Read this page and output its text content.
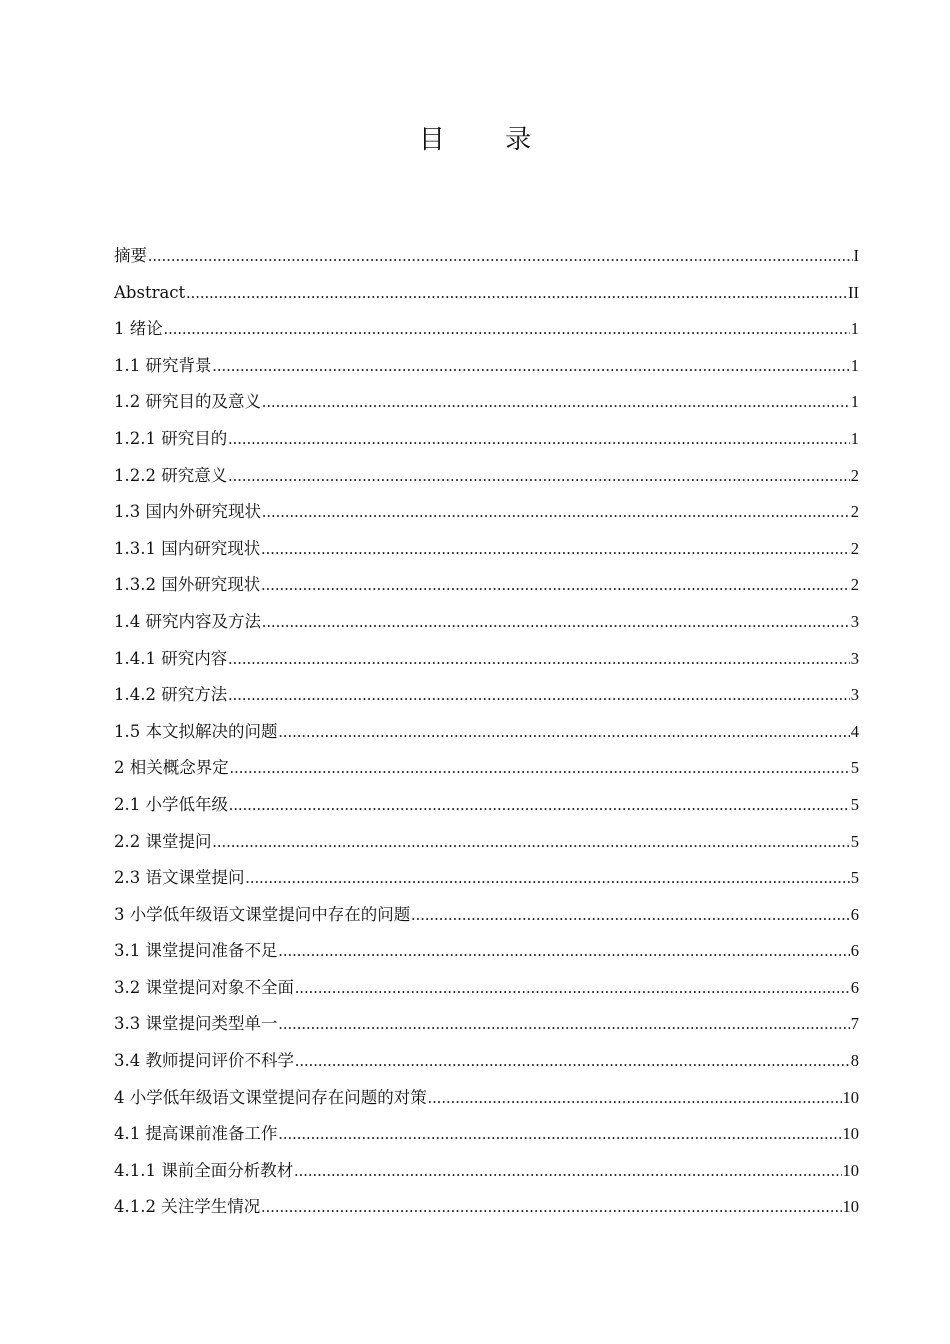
目 录
摘要 .....	I
Abstract .....	II
1 绪论 .....	1
1.1 研究背景 .....	1
1.2 研究目的及意义 .....	1
1.2.1 研究目的 .....	1
1.2.2 研究意义 .....	2
1.3 国内外研究现状 .....	2
1.3.1 国内研究现状 .....	2
1.3.2 国外研究现状 .....	2
1.4 研究内容及方法 .....	3
1.4.1 研究内容 .....	3
1.4.2 研究方法 .....	3
1.5 本文拟解决的问题 .....	4
2 相关概念界定 .....	5
2.1 小学低年级 .....	5
2.2 课堂提问 .....	5
2.3 语文课堂提问 .....	5
3 小学低年级语文课堂提问中存在的问题 .....	6
3.1 课堂提问准备不足 .....	6
3.2 课堂提问对象不全面 .....	6
3.3 课堂提问类型单一 .....	7
3.4 教师提问评价不科学 .....	8
4 小学低年级语文课堂提问存在问题的对策 .....	10
4.1 提高课前准备工作 .....	10
4.1.1 课前全面分析教材 .....	10
4.1.2 关注学生情况 .....	10
